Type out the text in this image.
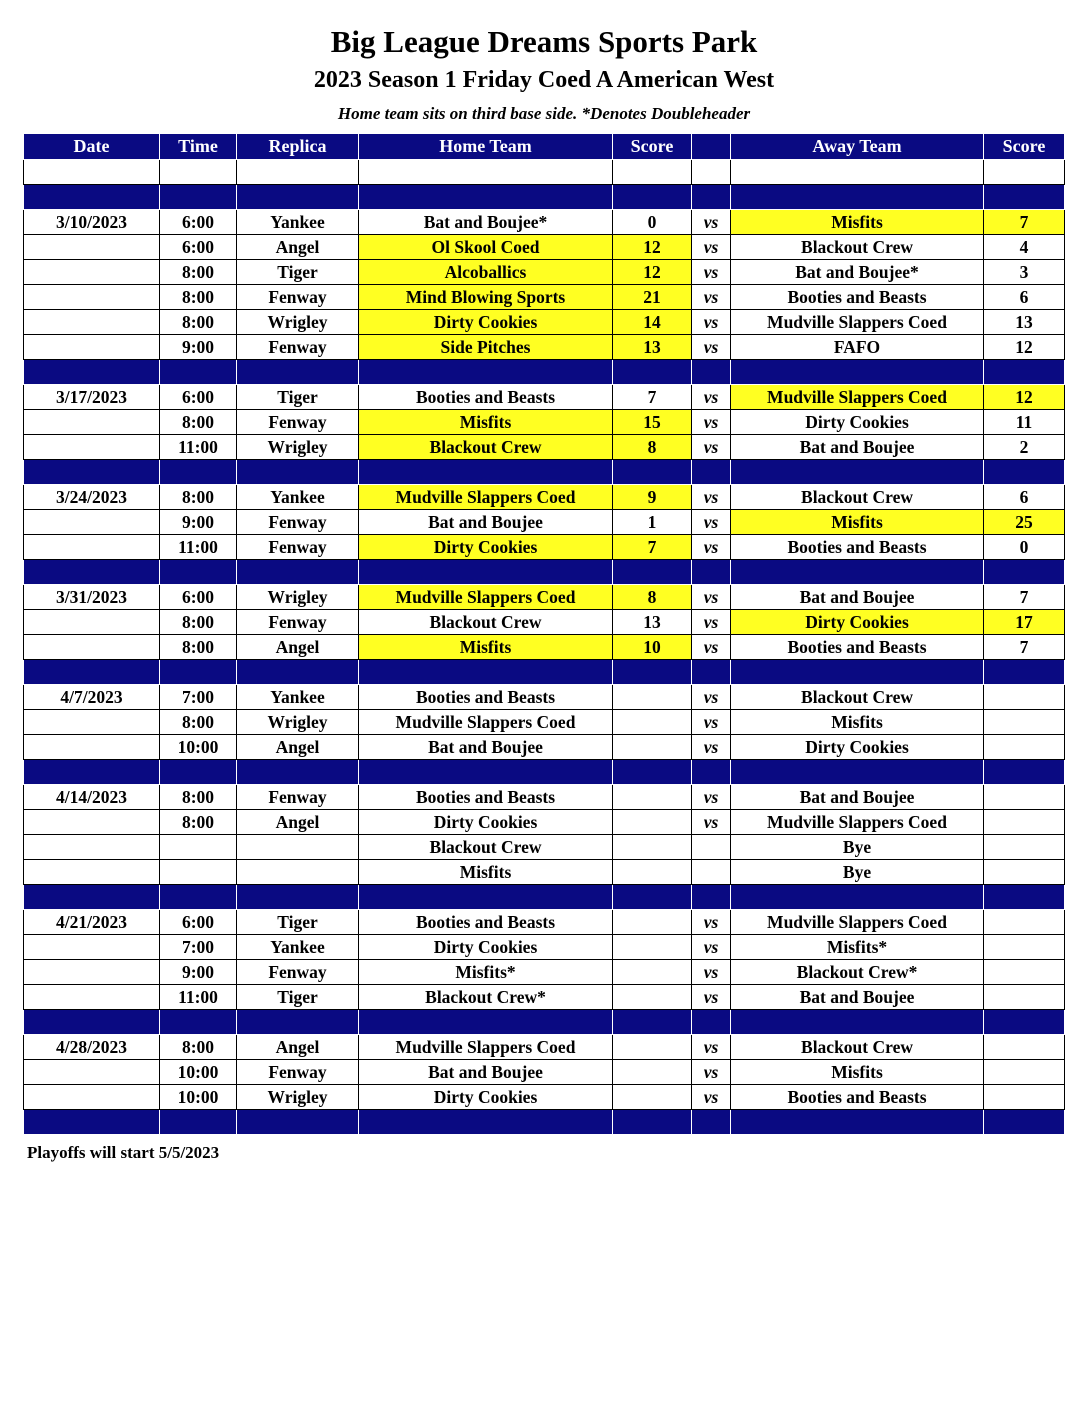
Big League Dreams Sports Park
2023 Season 1 Friday Coed A American West
Home team sits on third base side. *Denotes Doubleheader
Date	Time	Replica	Home Team	Score		Away Team	Score

3/10/2023	6:00	Yankee	Bat and Boujee*	0	vs	Misfits	7
	6:00	Angel	Ol Skool Coed	12	vs	Blackout Crew	4
	8:00	Tiger	Alcoballics	12	vs	Bat and Boujee*	3
	8:00	Fenway	Mind Blowing Sports	21	vs	Booties and Beasts	6
	8:00	Wrigley	Dirty Cookies	14	vs	Mudville Slappers Coed	13
	9:00	Fenway	Side Pitches	13	vs	FAFO	12

3/17/2023	6:00	Tiger	Booties and Beasts	7	vs	Mudville Slappers Coed	12
	8:00	Fenway	Misfits	15	vs	Dirty Cookies	11
	11:00	Wrigley	Blackout Crew	8	vs	Bat and Boujee	2

3/24/2023	8:00	Yankee	Mudville Slappers Coed	9	vs	Blackout Crew	6
	9:00	Fenway	Bat and Boujee	1	vs	Misfits	25
	11:00	Fenway	Dirty Cookies	7	vs	Booties and Beasts	0

3/31/2023	6:00	Wrigley	Mudville Slappers Coed	8	vs	Bat and Boujee	7
	8:00	Fenway	Blackout Crew	13	vs	Dirty Cookies	17
	8:00	Angel	Misfits	10	vs	Booties and Beasts	7

4/7/2023	7:00	Yankee	Booties and Beasts		vs	Blackout Crew	
	8:00	Wrigley	Mudville Slappers Coed		vs	Misfits	
	10:00	Angel	Bat and Boujee		vs	Dirty Cookies	

4/14/2023	8:00	Fenway	Booties and Beasts		vs	Bat and Boujee	
	8:00	Angel	Dirty Cookies		vs	Mudville Slappers Coed	
			Blackout Crew			Bye	
			Misfits			Bye	

4/21/2023	6:00	Tiger	Booties and Beasts		vs	Mudville Slappers Coed	
	7:00	Yankee	Dirty Cookies		vs	Misfits*	
	9:00	Fenway	Misfits*		vs	Blackout Crew*	
	11:00	Tiger	Blackout Crew*		vs	Bat and Boujee	

4/28/2023	8:00	Angel	Mudville Slappers Coed		vs	Blackout Crew	
	10:00	Fenway	Bat and Boujee		vs	Misfits	
	10:00	Wrigley	Dirty Cookies		vs	Booties and Beasts	

Playoffs will start 5/5/2023
